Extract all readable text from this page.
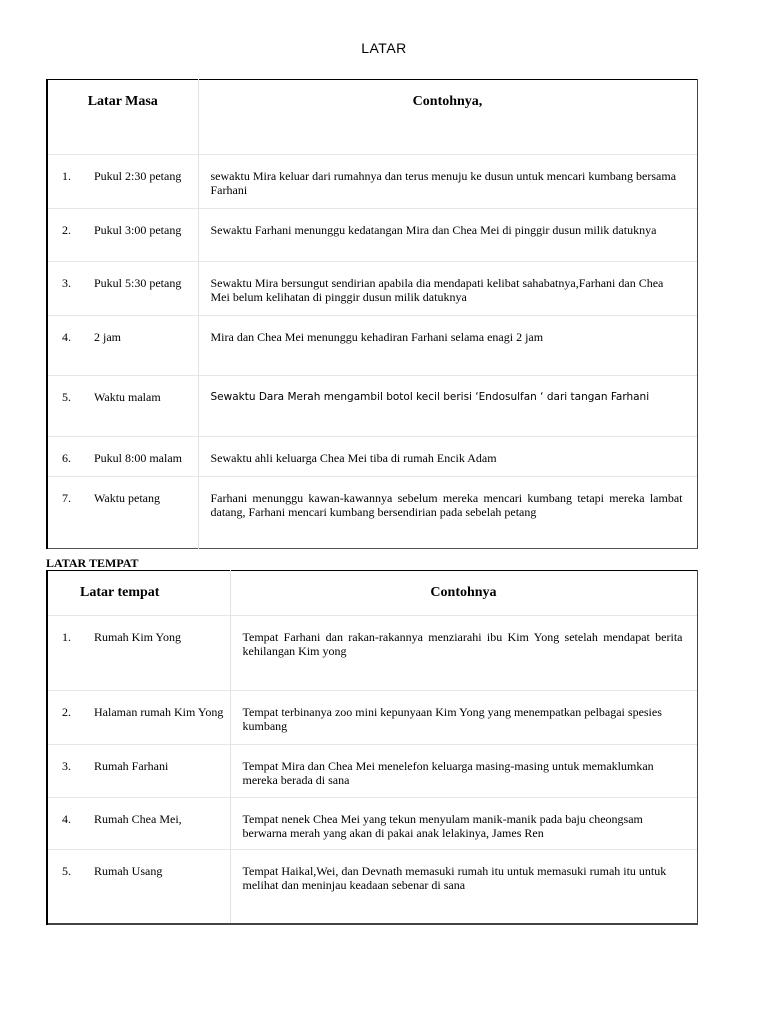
LATAR
Latar Masa	Contohnya,
1. Pukul 2:30 petang	sewaktu Mira keluar dari rumahnya dan terus menuju ke dusun untuk mencari kumbang bersama Farhani
2. Pukul 3:00 petang	Sewaktu Farhani menunggu kedatangan Mira dan Chea Mei di pinggir dusun milik datuknya
3. Pukul 5:30 petang	Sewaktu Mira bersungut sendirian apabila dia mendapati kelibat sahabatnya,Farhani dan Chea Mei belum kelihatan di pinggir dusun milik datuknya
4. 2 jam	Mira dan Chea Mei menunggu kehadiran Farhani selama enagi 2 jam
5. Waktu malam	Sewaktu Dara Merah mengambil botol kecil berisi ‘Endosulfan ‘ dari tangan Farhani
6. Pukul 8:00 malam	Sewaktu ahli keluarga Chea Mei tiba di rumah Encik Adam
7. Waktu petang	Farhani menunggu kawan-kawannya sebelum mereka mencari kumbang tetapi mereka lambat datang, Farhani mencari kumbang bersendirian pada sebelah petang
LATAR TEMPAT
Latar tempat	Contohnya
1. Rumah Kim Yong	Tempat Farhani dan rakan-rakannya menziarahi ibu Kim Yong setelah mendapat berita kehilangan Kim yong
2. Halaman rumah Kim Yong	Tempat terbinanya zoo mini kepunyaan Kim Yong yang menempatkan pelbagai spesies kumbang
3. Rumah Farhani	Tempat Mira dan Chea Mei menelefon keluarga masing-masing untuk memaklumkan mereka berada di sana
4. Rumah Chea Mei,	Tempat nenek Chea Mei yang tekun menyulam manik-manik pada baju cheongsam berwarna merah yang akan di pakai anak lelakinya, James Ren
5. Rumah Usang	Tempat Haikal,Wei, dan Devnath memasuki rumah itu untuk memasuki rumah itu untuk melihat dan meninjau keadaan sebenar di sana
